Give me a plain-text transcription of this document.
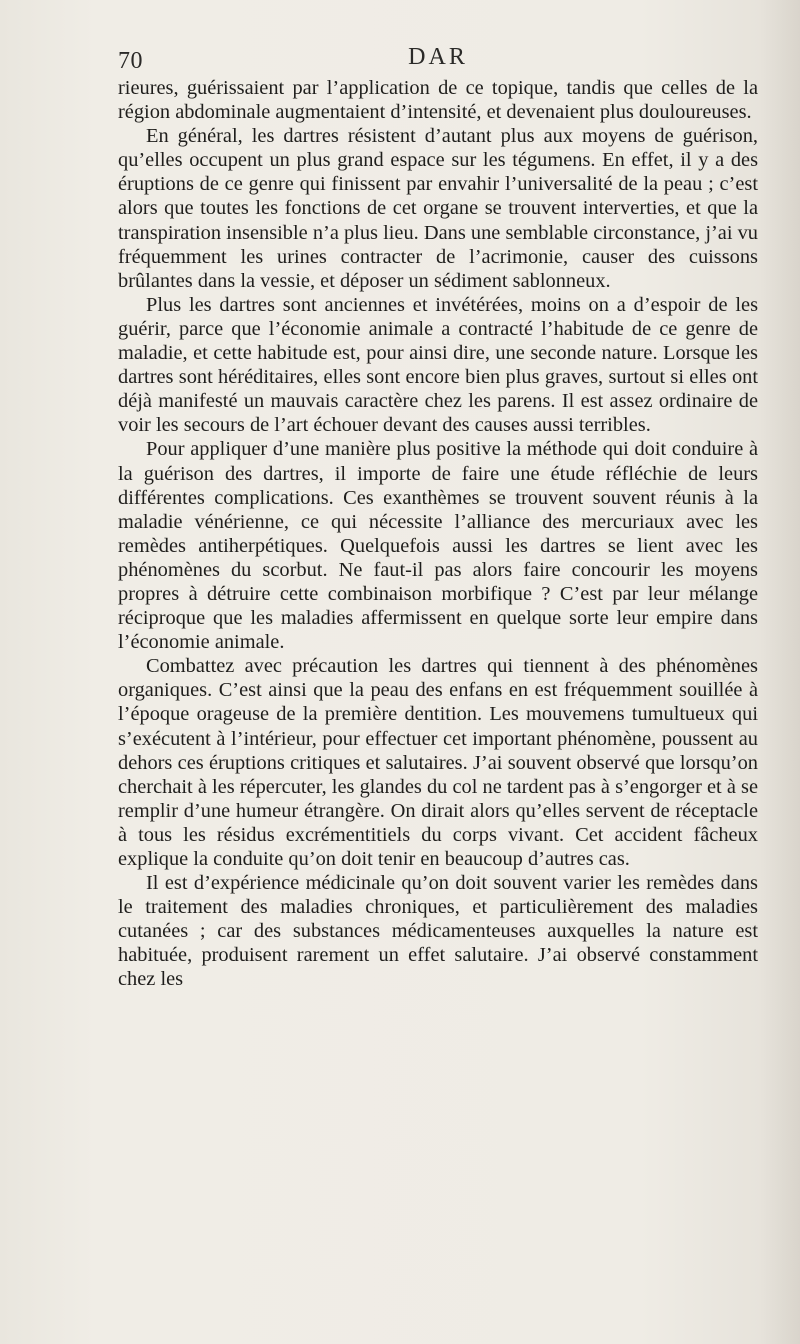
70	DAR

rieures, guérissaient par l’application de ce topique, tandis que celles de la région abdominale augmentaient d’intensité, et devenaient plus douloureuses.

En général, les dartres résistent d’autant plus aux moyens de guérison, qu’elles occupent un plus grand espace sur les tégumens. En effet, il y a des éruptions de ce genre qui finissent par envahir l’universalité de la peau ; c’est alors que toutes les fonctions de cet organe se trouvent interverties, et que la transpiration insensible n’a plus lieu. Dans une semblable circonstance, j’ai vu fréquemment les urines contracter de l’acrimonie, causer des cuissons brûlantes dans la vessie, et déposer un sédiment sablonneux.

Plus les dartres sont anciennes et invétérées, moins on a d’espoir de les guérir, parce que l’économie animale a contracté l’habitude de ce genre de maladie, et cette habitude est, pour ainsi dire, une seconde nature. Lorsque les dartres sont héréditaires, elles sont encore bien plus graves, surtout si elles ont déjà manifesté un mauvais caractère chez les parens. Il est assez ordinaire de voir les secours de l’art échouer devant des causes aussi terribles.

Pour appliquer d’une manière plus positive la méthode qui doit conduire à la guérison des dartres, il importe de faire une étude réfléchie de leurs différentes complications. Ces exanthèmes se trouvent souvent réunis à la maladie vénérienne, ce qui nécessite l’alliance des mercuriaux avec les remèdes antiherpétiques. Quelquefois aussi les dartres se lient avec les phénomènes du scorbut. Ne faut-il pas alors faire concourir les moyens propres à détruire cette combinaison morbifique ? C’est par leur mélange réciproque que les maladies affermissent en quelque sorte leur empire dans l’économie animale.

Combattez avec précaution les dartres qui tiennent à des phénomènes organiques. C’est ainsi que la peau des enfans en est fréquemment souillée à l’époque orageuse de la première dentition. Les mouvemens tumultueux qui s’exécutent à l’intérieur, pour effectuer cet important phénomène, poussent au dehors ces éruptions critiques et salutaires. J’ai souvent observé que lorsqu’on cherchait à les répercuter, les glandes du col ne tardent pas à s’engorger et à se remplir d’une humeur étrangère. On dirait alors qu’elles servent de réceptacle à tous les résidus excrémentitiels du corps vivant. Cet accident fâcheux explique la conduite qu’on doit tenir en beaucoup d’autres cas.

Il est d’expérience médicinale qu’on doit souvent varier les remèdes dans le traitement des maladies chroniques, et particulièrement des maladies cutanées ; car des substances médicamenteuses auxquelles la nature est habituée, produisent rarement un effet salutaire. J’ai observé constamment chez les
